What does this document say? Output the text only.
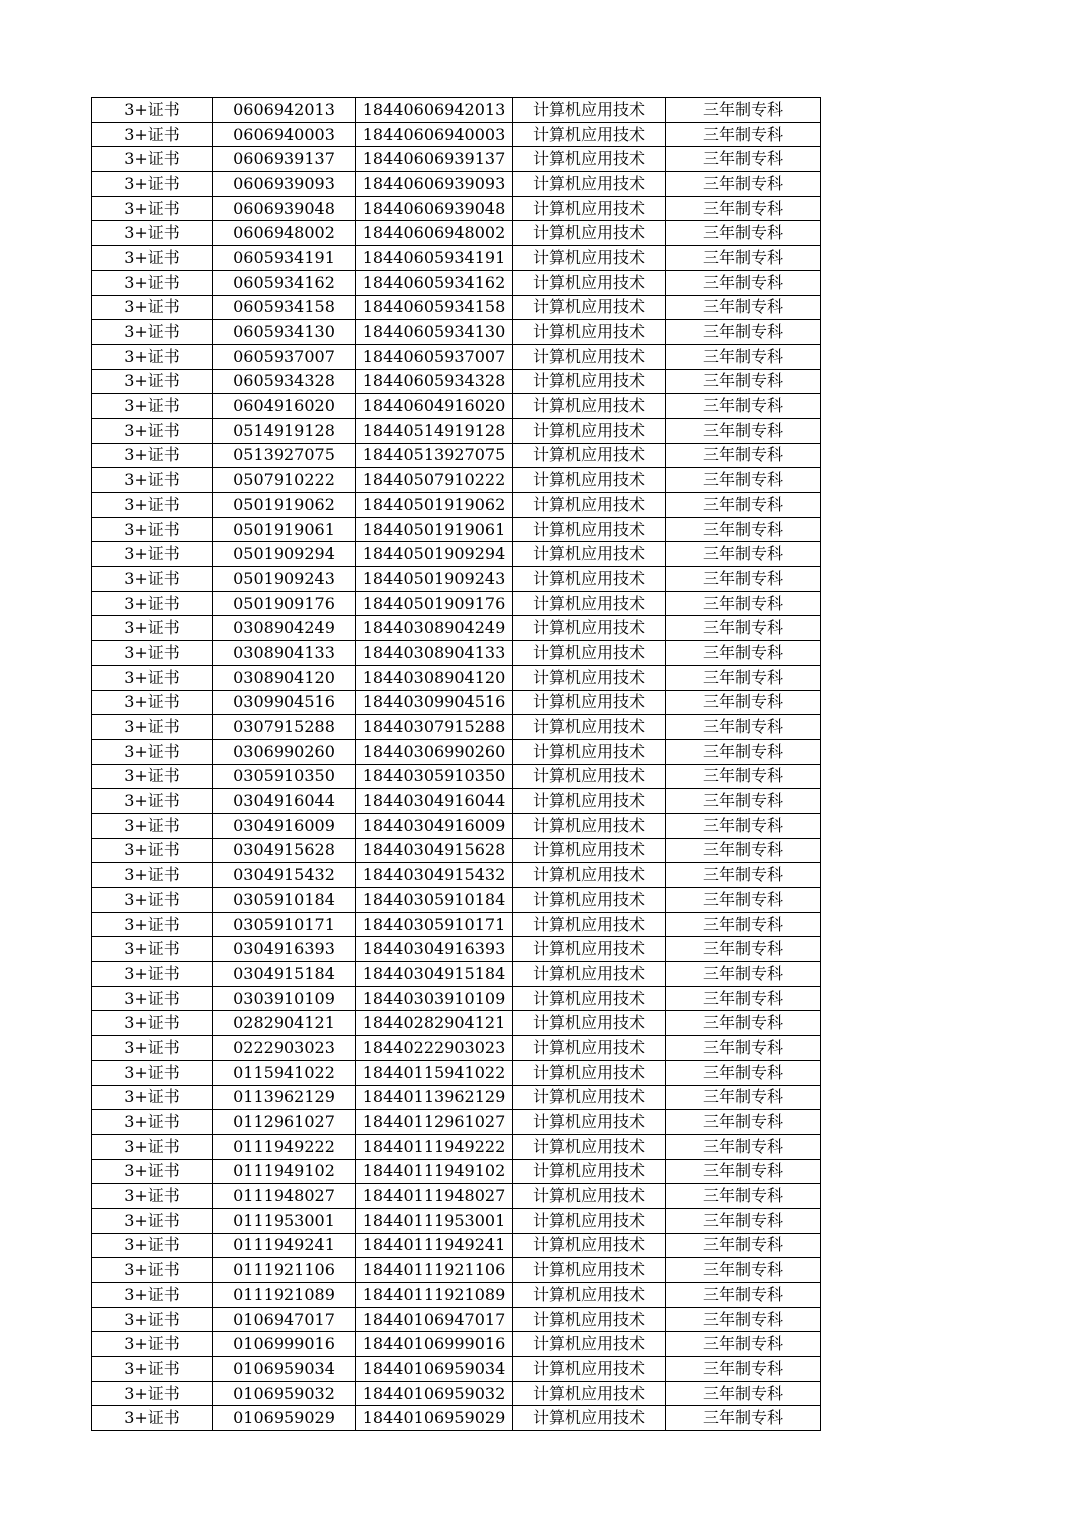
3+证书	0606942013	18440606942013	计算机应用技术	三年制专科
3+证书	0606940003	18440606940003	计算机应用技术	三年制专科
3+证书	0606939137	18440606939137	计算机应用技术	三年制专科
3+证书	0606939093	18440606939093	计算机应用技术	三年制专科
3+证书	0606939048	18440606939048	计算机应用技术	三年制专科
3+证书	0606948002	18440606948002	计算机应用技术	三年制专科
3+证书	0605934191	18440605934191	计算机应用技术	三年制专科
3+证书	0605934162	18440605934162	计算机应用技术	三年制专科
3+证书	0605934158	18440605934158	计算机应用技术	三年制专科
3+证书	0605934130	18440605934130	计算机应用技术	三年制专科
3+证书	0605937007	18440605937007	计算机应用技术	三年制专科
3+证书	0605934328	18440605934328	计算机应用技术	三年制专科
3+证书	0604916020	18440604916020	计算机应用技术	三年制专科
3+证书	0514919128	18440514919128	计算机应用技术	三年制专科
3+证书	0513927075	18440513927075	计算机应用技术	三年制专科
3+证书	0507910222	18440507910222	计算机应用技术	三年制专科
3+证书	0501919062	18440501919062	计算机应用技术	三年制专科
3+证书	0501919061	18440501919061	计算机应用技术	三年制专科
3+证书	0501909294	18440501909294	计算机应用技术	三年制专科
3+证书	0501909243	18440501909243	计算机应用技术	三年制专科
3+证书	0501909176	18440501909176	计算机应用技术	三年制专科
3+证书	0308904249	18440308904249	计算机应用技术	三年制专科
3+证书	0308904133	18440308904133	计算机应用技术	三年制专科
3+证书	0308904120	18440308904120	计算机应用技术	三年制专科
3+证书	0309904516	18440309904516	计算机应用技术	三年制专科
3+证书	0307915288	18440307915288	计算机应用技术	三年制专科
3+证书	0306990260	18440306990260	计算机应用技术	三年制专科
3+证书	0305910350	18440305910350	计算机应用技术	三年制专科
3+证书	0304916044	18440304916044	计算机应用技术	三年制专科
3+证书	0304916009	18440304916009	计算机应用技术	三年制专科
3+证书	0304915628	18440304915628	计算机应用技术	三年制专科
3+证书	0304915432	18440304915432	计算机应用技术	三年制专科
3+证书	0305910184	18440305910184	计算机应用技术	三年制专科
3+证书	0305910171	18440305910171	计算机应用技术	三年制专科
3+证书	0304916393	18440304916393	计算机应用技术	三年制专科
3+证书	0304915184	18440304915184	计算机应用技术	三年制专科
3+证书	0303910109	18440303910109	计算机应用技术	三年制专科
3+证书	0282904121	18440282904121	计算机应用技术	三年制专科
3+证书	0222903023	18440222903023	计算机应用技术	三年制专科
3+证书	0115941022	18440115941022	计算机应用技术	三年制专科
3+证书	0113962129	18440113962129	计算机应用技术	三年制专科
3+证书	0112961027	18440112961027	计算机应用技术	三年制专科
3+证书	0111949222	18440111949222	计算机应用技术	三年制专科
3+证书	0111949102	18440111949102	计算机应用技术	三年制专科
3+证书	0111948027	18440111948027	计算机应用技术	三年制专科
3+证书	0111953001	18440111953001	计算机应用技术	三年制专科
3+证书	0111949241	18440111949241	计算机应用技术	三年制专科
3+证书	0111921106	18440111921106	计算机应用技术	三年制专科
3+证书	0111921089	18440111921089	计算机应用技术	三年制专科
3+证书	0106947017	18440106947017	计算机应用技术	三年制专科
3+证书	0106999016	18440106999016	计算机应用技术	三年制专科
3+证书	0106959034	18440106959034	计算机应用技术	三年制专科
3+证书	0106959032	18440106959032	计算机应用技术	三年制专科
3+证书	0106959029	18440106959029	计算机应用技术	三年制专科
